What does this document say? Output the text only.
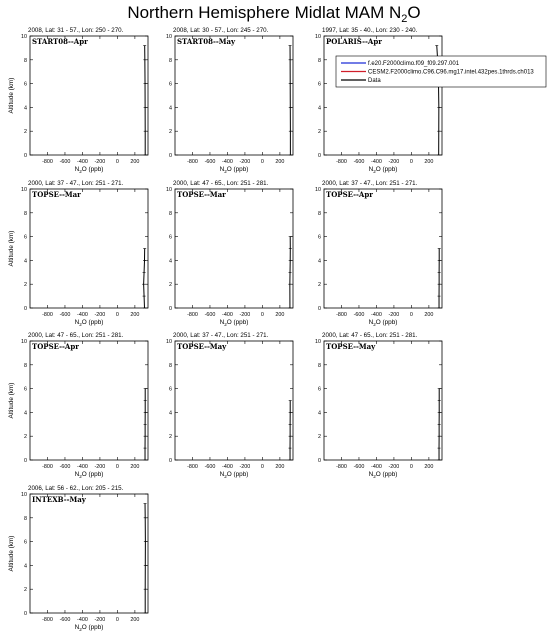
Northern Hemisphere Midlat MAM $N_2O$
2008, Lat: 31 - 57., Lon: 250 - 270.
START08--Apr
0
2
4
6
8
10
-800 -600 -400 -200 0 200
$N_2O$ (ppb)
Altitude (km)
2008, Lat: 30 - 57., Lon: 245 - 270.
START08--May
0
2
4
6
8
10
-800 -600 -400 -200 0 200
$N_2O$ (ppb)
1997, Lat: 35 - 40., Lon: 230 - 240.
POLARIS--Apr
0
2
4
6
8
10
-800 -600 -400 -200 0 200
$N_2O$ (ppb)
2000, Lat: 37 - 47., Lon: 251 - 271.
TOPSE--Mar
0
2
4
6
8
10
-800 -600 -400 -200 0 200
$N_2O$ (ppb)
Altitude (km)
2000, Lat: 47 - 65., Lon: 251 - 281.
TOPSE--Mar
0
2
4
6
8
10
-800 -600 -400 -200 0 200
$N_2O$ (ppb)
2000, Lat: 37 - 47., Lon: 251 - 271.
TOPSE--Apr
0
2
4
6
8
10
-800 -600 -400 -200 0 200
$N_2O$ (ppb)
2000, Lat: 47 - 65., Lon: 251 - 281.
TOPSE--Apr
0
2
4
6
8
10
-800 -600 -400 -200 0 200
$N_2O$ (ppb)
Altitude (km)
2000, Lat: 37 - 47., Lon: 251 - 271.
TOPSE--May
0
2
4
6
8
10
-800 -600 -400 -200 0 200
$N_2O$ (ppb)
2000, Lat: 47 - 65., Lon: 251 - 281.
TOPSE--May
0
2
4
6
8
10
-800 -600 -400 -200 0 200
$N_2O$ (ppb)
2006, Lat: 56 - 62., Lon: 205 - 215.
INTEXB--May
0
2
4
6
8
10
-800 -600 -400 -200 0 200
$N_2O$ (ppb)
Altitude (km)
f.e20.F2000climo.f09_f09.297.001
CESM2.F2000climo.C96.C96.mg17.intel.432pes.1thrds.ch013
Data
